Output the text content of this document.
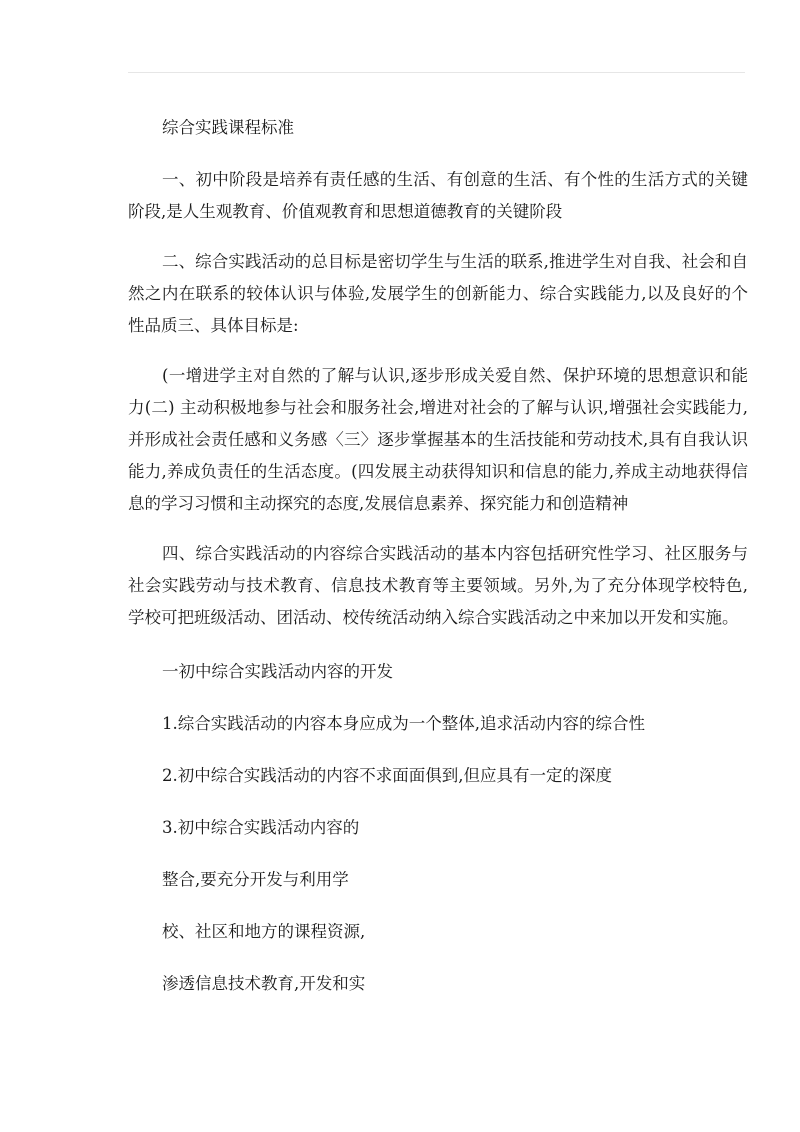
综合实践课程标准

一、初中阶段是培养有责任感的生活、有创意的生活、有个性的生活方式的关键阶段,是人生观教育、价值观教育和思想道德教育的关键阶段

二、综合实践活动的总目标是密切学生与生活的联系,推进学生对自我、社会和自然之内在联系的较体认识与体验,发展学生的创新能力、综合实践能力,以及良好的个性品质三、具体目标是:

(一增进学主对自然的了解与认识,逐步形成关爱自然、保护环境的思想意识和能力(二) 主动积极地参与社会和服务社会,增进对社会的了解与认识,增强社会实践能力,并形成社会责任感和义务感〈三〉逐步掌握基本的生活技能和劳动技术,具有自我认识能力,养成负责任的生活态度。(四发展主动获得知识和信息的能力,养成主动地获得信息的学习习惯和主动探究的态度,发展信息素养、探究能力和创造精神

四、综合实践活动的内容综合实践活动的基本内容包括研究性学习、社区服务与社会实践劳动与技术教育、信息技术教育等主要领域。另外,为了充分体现学校特色,学校可把班级活动、团活动、校传统活动纳入综合实践活动之中来加以开发和实施。

一初中综合实践活动内容的开发

1.综合实践活动的内容本身应成为一个整体,追求活动内容的综合性

2.初中综合实践活动的内容不求面面俱到,但应具有一定的深度

3.初中综合实践活动内容的

整合,要充分开发与利用学

校、社区和地方的课程资源,

渗透信息技术教育,开发和实
